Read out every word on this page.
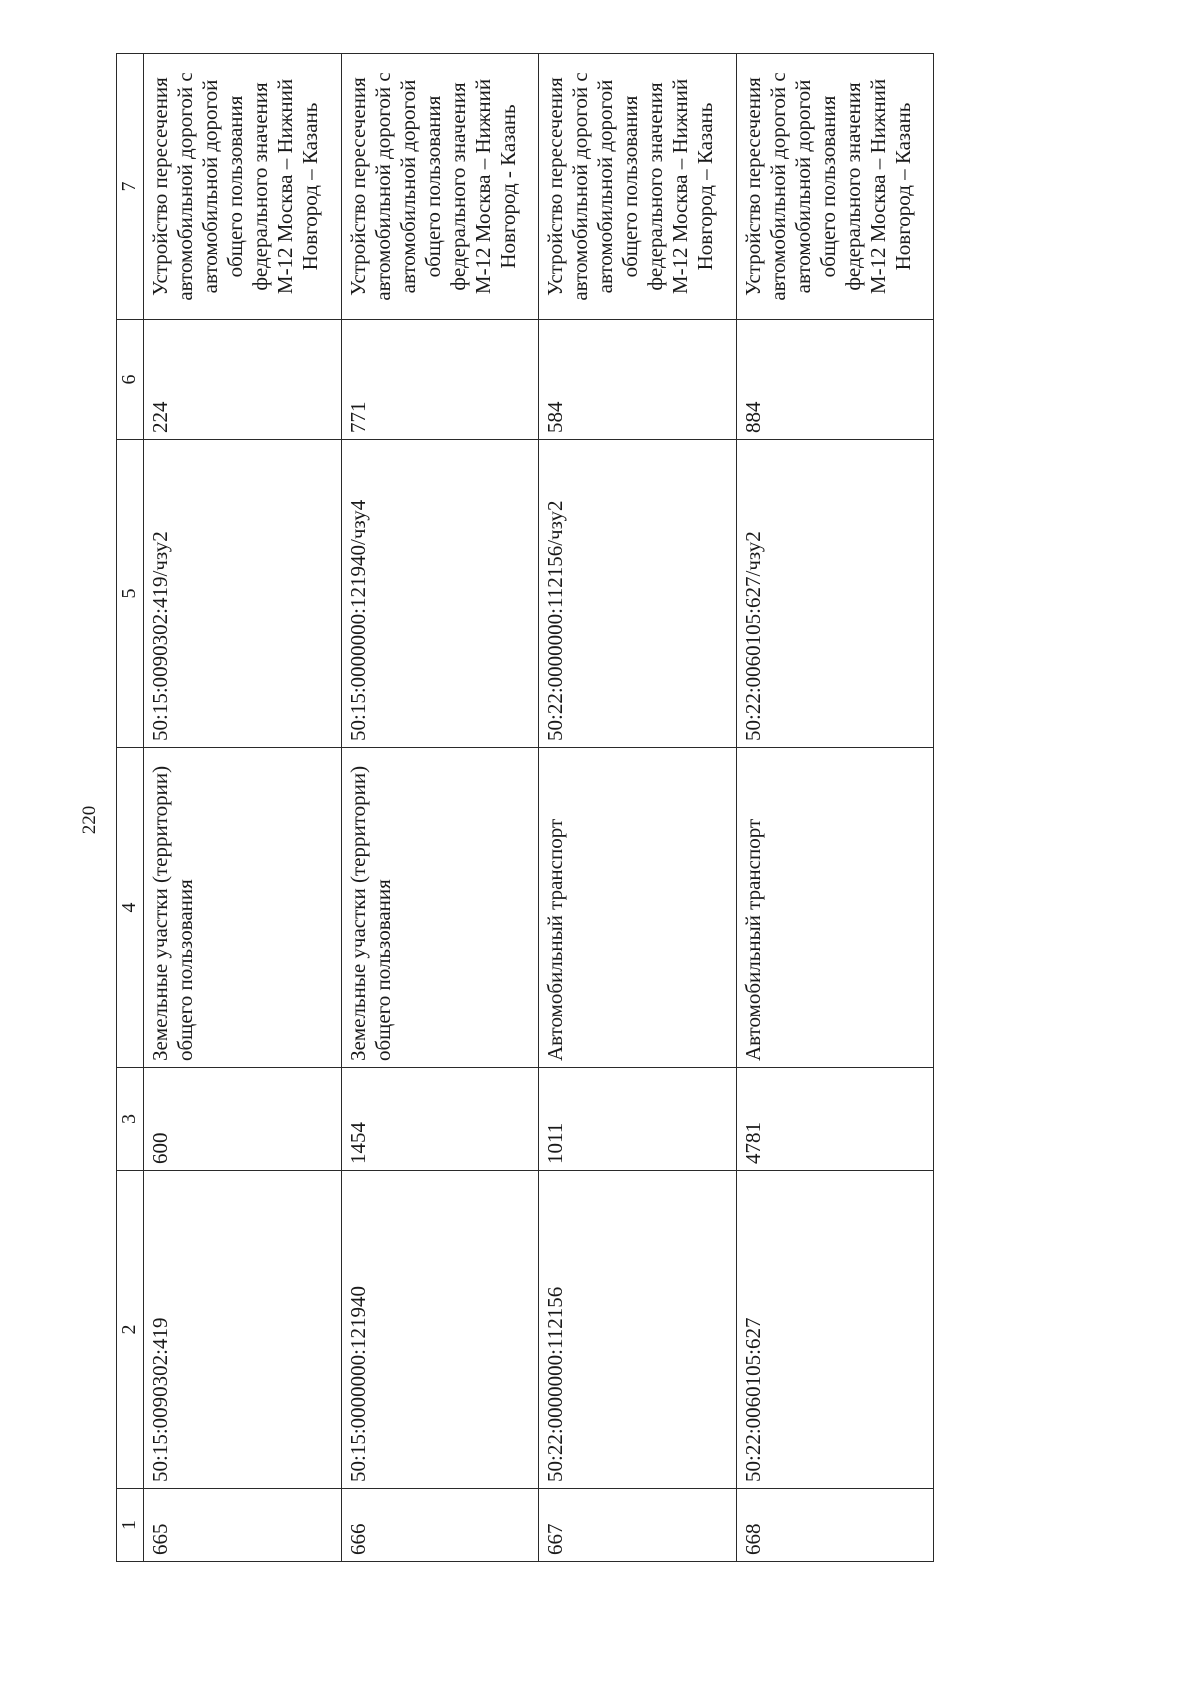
220
1	2	3	4	5	6	7
665	50:15:0090302:419	600	Земельные участки (территории) общего пользования	50:15:0090302:419/чзу2	224	Устройство пересечения автомобильной дорогой с автомобильной дорогой общего пользования федерального значения М-12 Москва – Нижний Новгород – Казань
666	50:15:0000000:121940	1454	Земельные участки (территории) общего пользования	50:15:0000000:121940/чзу4	771	Устройство пересечения автомобильной дорогой с автомобильной дорогой общего пользования федерального значения М-12 Москва – Нижний Новгород - Казань
667	50:22:0000000:112156	1011	Автомобильный транспорт	50:22:0000000:112156/чзу2	584	Устройство пересечения автомобильной дорогой с автомобильной дорогой общего пользования федерального значения М-12 Москва – Нижний Новгород – Казань
668	50:22:0060105:627	4781	Автомобильный транспорт	50:22:0060105:627/чзу2	884	Устройство пересечения автомобильной дорогой с автомобильной дорогой общего пользования федерального значения М-12 Москва – Нижний Новгород – Казань
